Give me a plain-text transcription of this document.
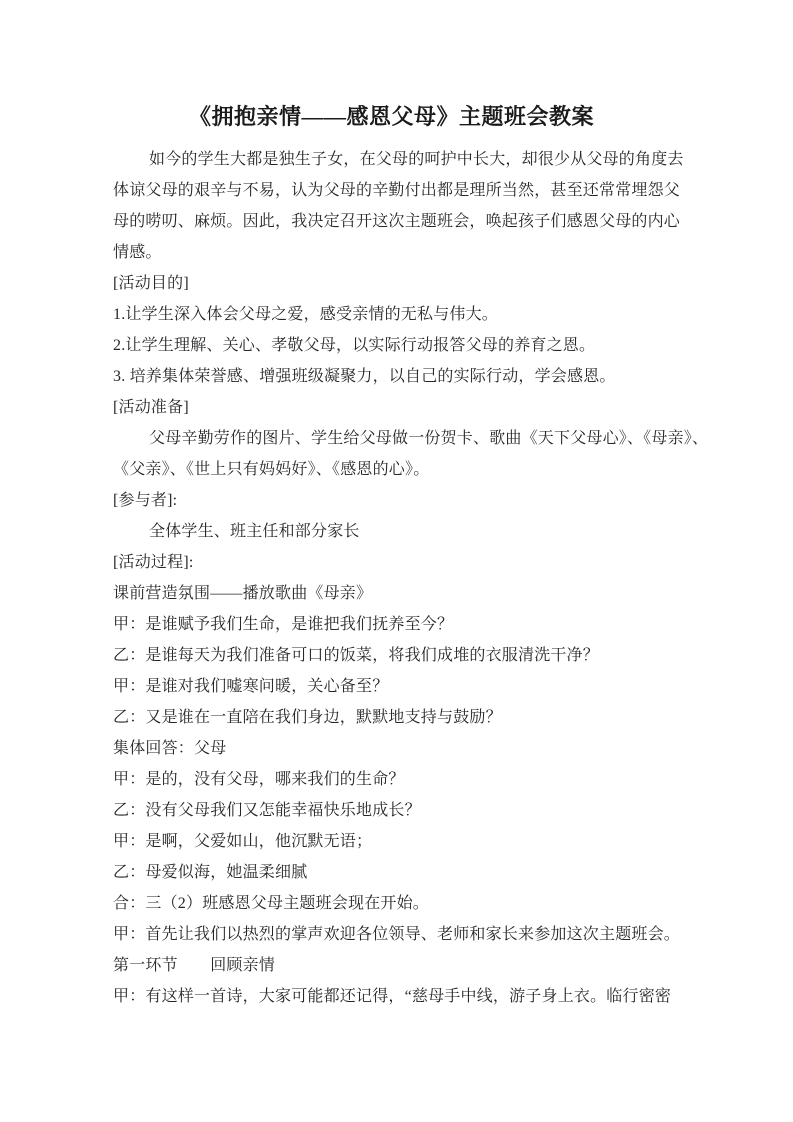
《拥抱亲情——感恩父母》主题班会教案
如今的学生大都是独生子女，在父母的呵护中长大，却很少从父母的角度去
体谅父母的艰辛与不易，认为父母的辛勤付出都是理所当然，甚至还常常埋怨父
母的唠叨、麻烦。因此，我决定召开这次主题班会，唤起孩子们感恩父母的内心
情感。
[活动目的]
1.让学生深入体会父母之爱，感受亲情的无私与伟大。
2.让学生理解、关心、孝敬父母，以实际行动报答父母的养育之恩。
3. 培养集体荣誉感、增强班级凝聚力，以自己的实际行动，学会感恩。
[活动准备]
父母辛勤劳作的图片、学生给父母做一份贺卡、歌曲《天下父母心》、《母亲》、
《父亲》、《世上只有妈妈好》、《感恩的心》。
[参与者]:
全体学生、班主任和部分家长
[活动过程]:
课前营造氛围——播放歌曲《母亲》
甲：是谁赋予我们生命，是谁把我们抚养至今？
乙：是谁每天为我们准备可口的饭菜，将我们成堆的衣服清洗干净？
甲：是谁对我们嘘寒问暖，关心备至？
乙：又是谁在一直陪在我们身边，默默地支持与鼓励？
集体回答：父母
甲：是的，没有父母，哪来我们的生命？
乙：没有父母我们又怎能幸福快乐地成长？
甲：是啊，父爱如山，他沉默无语；
乙：母爱似海，她温柔细腻
合：三（2）班感恩父母主题班会现在开始。
甲：首先让我们以热烈的掌声欢迎各位领导、老师和家长来参加这次主题班会。
第一环节　　回顾亲情
甲：有这样一首诗，大家可能都还记得，“慈母手中线，游子身上衣。临行密密
